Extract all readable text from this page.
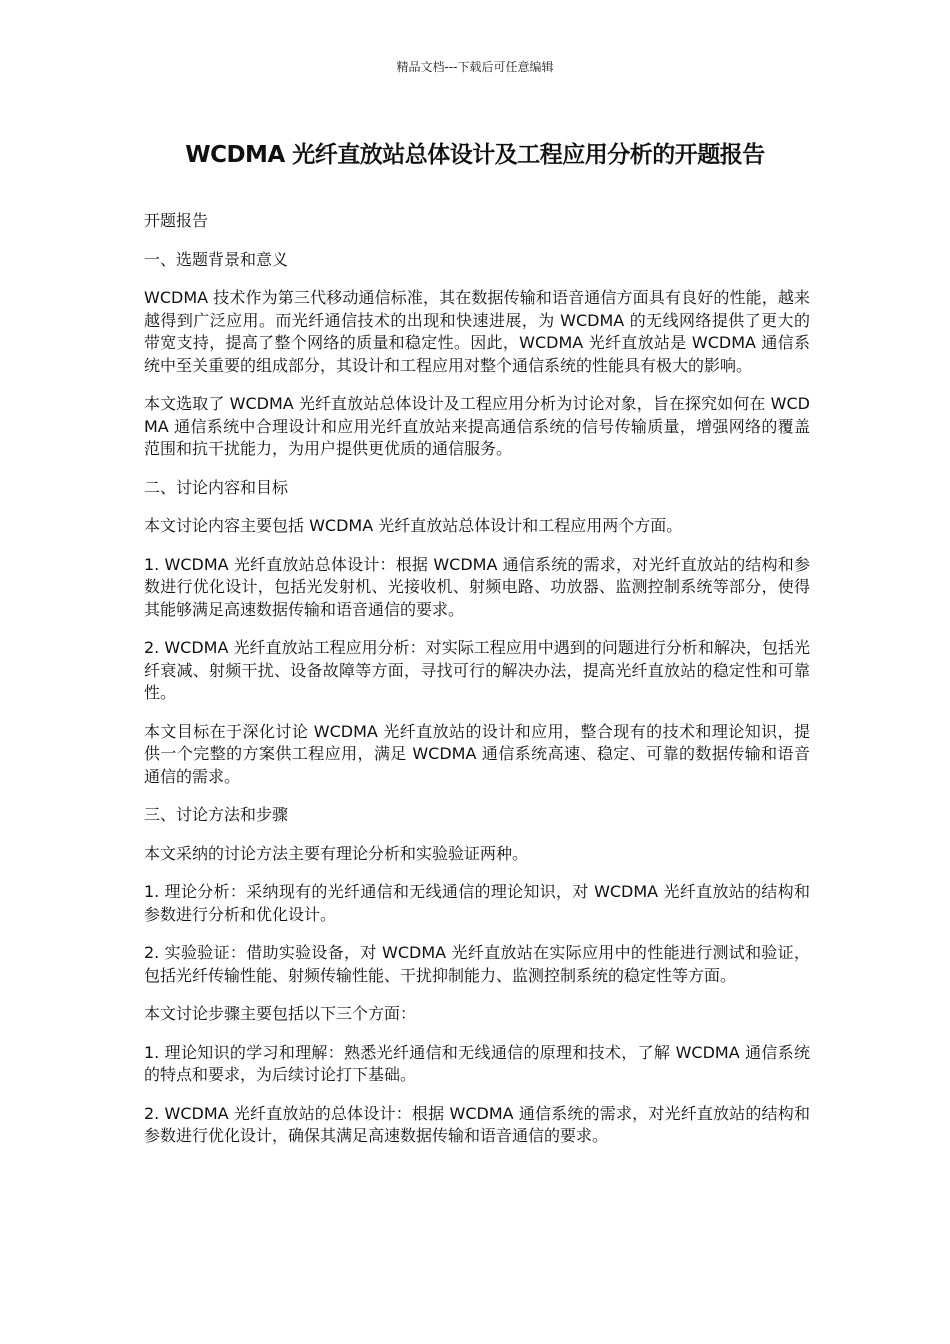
精品文档---下载后可任意编辑
WCDMA 光纤直放站总体设计及工程应用分析的开题报告

开题报告

一、选题背景和意义

WCDMA 技术作为第三代移动通信标准，其在数据传输和语音通信方面具有良好的性能，越来越得到广泛应用。而光纤通信技术的出现和快速进展，为 WCDMA 的无线网络提供了更大的带宽支持，提高了整个网络的质量和稳定性。因此，WCDMA 光纤直放站是 WCDMA 通信系统中至关重要的组成部分，其设计和工程应用对整个通信系统的性能具有极大的影响。

本文选取了 WCDMA 光纤直放站总体设计及工程应用分析为讨论对象，旨在探究如何在 WCDMA 通信系统中合理设计和应用光纤直放站来提高通信系统的信号传输质量，增强网络的覆盖范围和抗干扰能力，为用户提供更优质的通信服务。

二、讨论内容和目标

本文讨论内容主要包括 WCDMA 光纤直放站总体设计和工程应用两个方面。

1. WCDMA 光纤直放站总体设计：根据 WCDMA 通信系统的需求，对光纤直放站的结构和参数进行优化设计，包括光发射机、光接收机、射频电路、功放器、监测控制系统等部分，使得其能够满足高速数据传输和语音通信的要求。

2. WCDMA 光纤直放站工程应用分析：对实际工程应用中遇到的问题进行分析和解决，包括光纤衰减、射频干扰、设备故障等方面，寻找可行的解决办法，提高光纤直放站的稳定性和可靠性。

本文目标在于深化讨论 WCDMA 光纤直放站的设计和应用，整合现有的技术和理论知识，提供一个完整的方案供工程应用，满足 WCDMA 通信系统高速、稳定、可靠的数据传输和语音通信的需求。

三、讨论方法和步骤

本文采纳的讨论方法主要有理论分析和实验验证两种。

1. 理论分析：采纳现有的光纤通信和无线通信的理论知识，对 WCDMA 光纤直放站的结构和参数进行分析和优化设计。

2. 实验验证：借助实验设备，对 WCDMA 光纤直放站在实际应用中的性能进行测试和验证，包括光纤传输性能、射频传输性能、干扰抑制能力、监测控制系统的稳定性等方面。

本文讨论步骤主要包括以下三个方面：

1. 理论知识的学习和理解：熟悉光纤通信和无线通信的原理和技术，了解 WCDMA 通信系统的特点和要求，为后续讨论打下基础。

2. WCDMA 光纤直放站的总体设计：根据 WCDMA 通信系统的需求，对光纤直放站的结构和参数进行优化设计，确保其满足高速数据传输和语音通信的要求。
